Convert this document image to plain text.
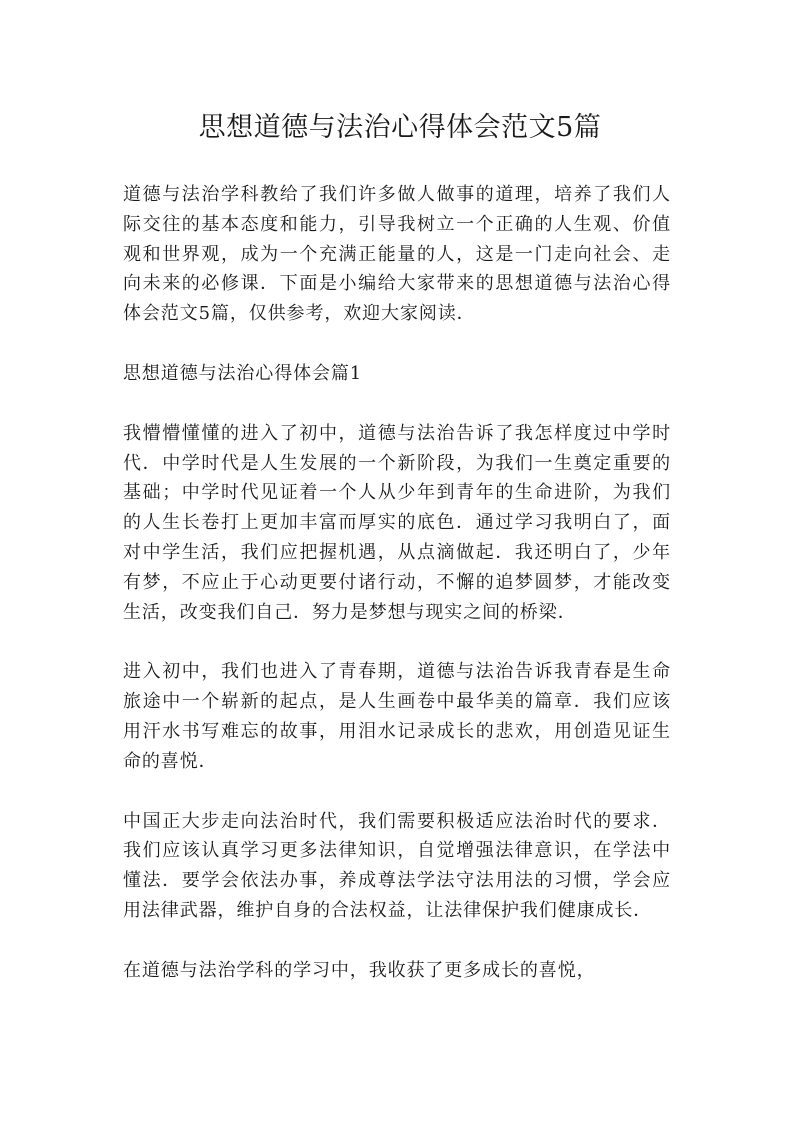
思想道德与法治心得体会范文5篇

道德与法治学科教给了我们许多做人做事的道理，培养了我们人际交往的基本态度和能力，引导我树立一个正确的人生观、价值观和世界观，成为一个充满正能量的人，这是一门走向社会、走向未来的必修课．下面是小编给大家带来的思想道德与法治心得体会范文5篇，仅供参考，欢迎大家阅读．

思想道德与法治心得体会篇1

我懵懵懂懂的进入了初中，道德与法治告诉了我怎样度过中学时代．中学时代是人生发展的一个新阶段，为我们一生奠定重要的基础；中学时代见证着一个人从少年到青年的生命进阶，为我们的人生长卷打上更加丰富而厚实的底色．通过学习我明白了，面对中学生活，我们应把握机遇，从点滴做起．我还明白了，少年有梦，不应止于心动更要付诸行动，不懈的追梦圆梦，才能改变生活，改变我们自己．努力是梦想与现实之间的桥梁．

进入初中，我们也进入了青春期，道德与法治告诉我青春是生命旅途中一个崭新的起点，是人生画卷中最华美的篇章．我们应该用汗水书写难忘的故事，用泪水记录成长的悲欢，用创造见证生命的喜悦．

中国正大步走向法治时代，我们需要积极适应法治时代的要求．我们应该认真学习更多法律知识，自觉增强法律意识，在学法中懂法．要学会依法办事，养成尊法学法守法用法的习惯，学会应用法律武器，维护自身的合法权益，让法律保护我们健康成长．

在道德与法治学科的学习中，我收获了更多成长的喜悦，
